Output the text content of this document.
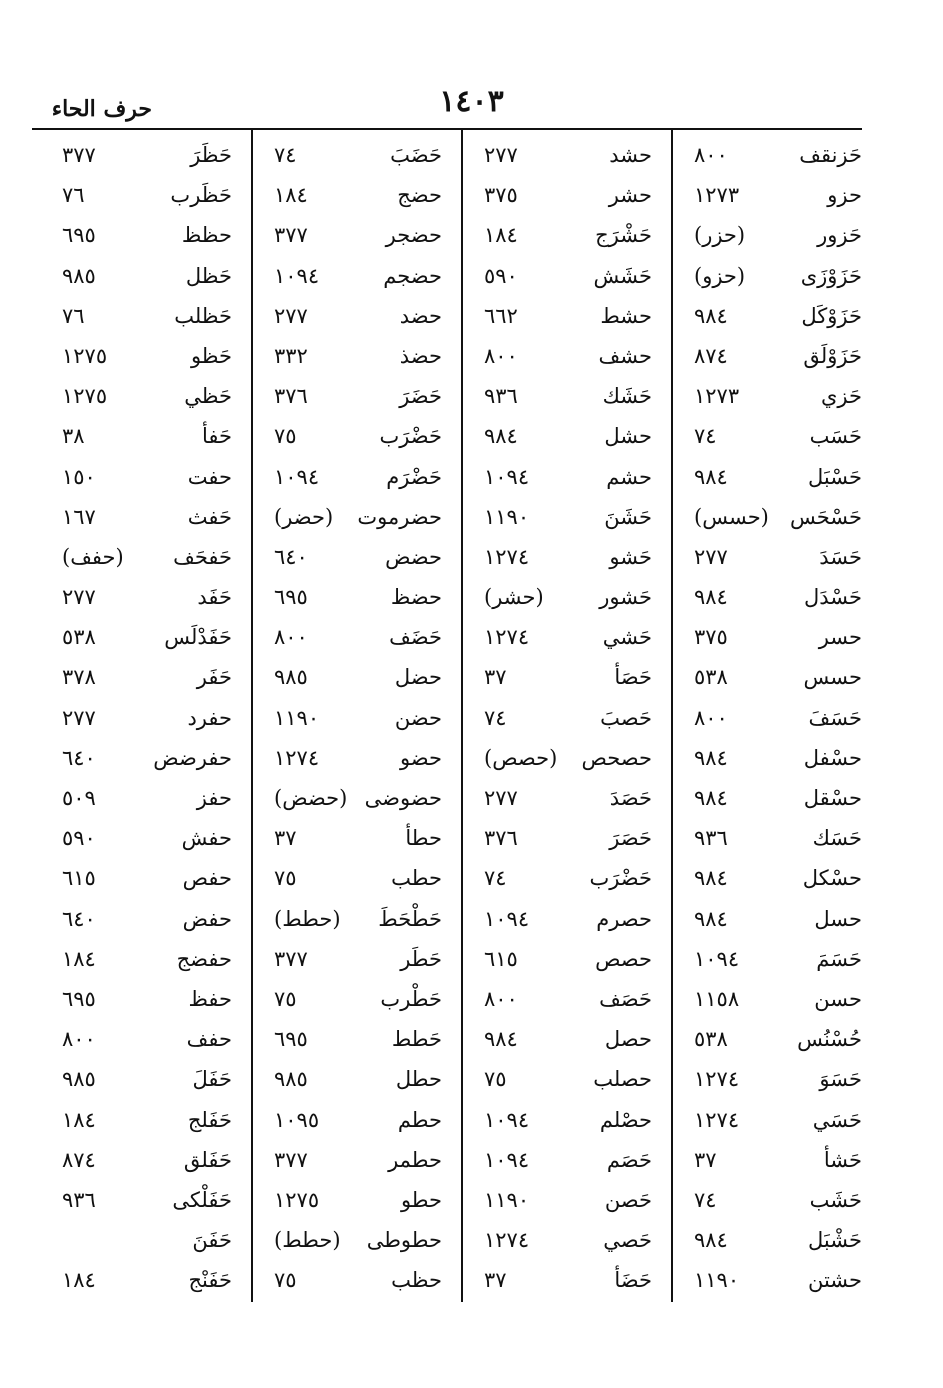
١٤٠٣
حرف الحاء
حَزنقف
٨٠٠
حزو
١٢٧٣
حَزور
(حزر)
حَزَوْزَى
(حزو)
حَزَوْكَل
٩٨٤
حَزَوْلَق
٨٧٤
حَزي
١٢٧٣
حَسَب
٧٤
حَسْبَل
٩٨٤
حَسْحَس
(حسس)
حَسَدَ
٢٧٧
حَسْدَل
٩٨٤
حسر
٣٧٥
حسس
٥٣٨
حَسَفَ
٨٠٠
حسْفل
٩٨٤
حسْقل
٩٨٤
حَسَك
٩٣٦
حسْكل
٩٨٤
حسل
٩٨٤
حَسَمَ
١٠٩٤
حسن
١١٥٨
حُسْنُس
٥٣٨
حَسَوَ
١٢٧٤
حَسَي
١٢٧٤
حَشأ
٣٧
حَشَب
٧٤
حَشْبَل
٩٨٤
حشتن
١١٩٠
حشد
٢٧٧
حشر
٣٧٥
حَشْرَج
١٨٤
حَشَش
٥٩٠
حشط
٦٦٢
حشف
٨٠٠
حَشَك
٩٣٦
حشل
٩٨٤
حشم
١٠٩٤
حَشَنَ
١١٩٠
حَشو
١٢٧٤
حَشور
(حشر)
حَشي
١٢٧٤
حَصَأ
٣٧
حَصبَ
٧٤
حصحص
(حصص)
حَصَدَ
٢٧٧
حَصَرَ
٣٧٦
حَضْرَب
٧٤
حصرم
١٠٩٤
حصص
٦١٥
حَصَف
٨٠٠
حصل
٩٨٤
حصلب
٧٥
حصْلم
١٠٩٤
حَصَم
١٠٩٤
حَصن
١١٩٠
حَصي
١٢٧٤
حَضَأ
٣٧
حَضَبَ
٧٤
حضج
١٨٤
حضجر
٣٧٧
حضجم
١٠٩٤
حضد
٢٧٧
حضذ
٣٣٢
حَضَرَ
٣٧٦
حَضْرَب
٧٥
حَضْرَم
١٠٩٤
حضرموت
(حضر)
حضض
٦٤٠
حضظ
٦٩٥
حَضَف
٨٠٠
حضل
٩٨٥
حضن
١١٩٠
حضو
١٢٧٤
حضوضى
(حضض)
حطأ
٣٧
حطب
٧٥
حَطْحَطَ
(حطط)
حَطَر
٣٧٧
حَطْرب
٧٥
حَطط
٦٩٥
حطل
٩٨٥
حطم
١٠٩٥
حطمر
٣٧٧
حطو
١٢٧٥
حطوطى
(حطط)
حظب
٧٥
حَظَرَ
٣٧٧
حَظَرب
٧٦
حظظ
٦٩٥
حَظل
٩٨٥
حَظلب
٧٦
حَظو
١٢٧٥
حَظي
١٢٧٥
حَفأ
٣٨
حفت
١٥٠
حَفث
١٦٧
حَفحَف
(حفف)
حَفَد
٢٧٧
حَفَدْلَس
٥٣٨
حَفَر
٣٧٨
حفرد
٢٧٧
حفرضض
٦٤٠
حفز
٥٠٩
حفش
٥٩٠
حفص
٦١٥
حفض
٦٤٠
حفضج
١٨٤
حفظ
٦٩٥
حفف
٨٠٠
حَفَلَ
٩٨٥
حَفَلج
١٨٤
حَفَلق
٨٧٤
حَفَلْكى
٩٣٦
حَفَنَ
حَفَنْج
١٨٤
